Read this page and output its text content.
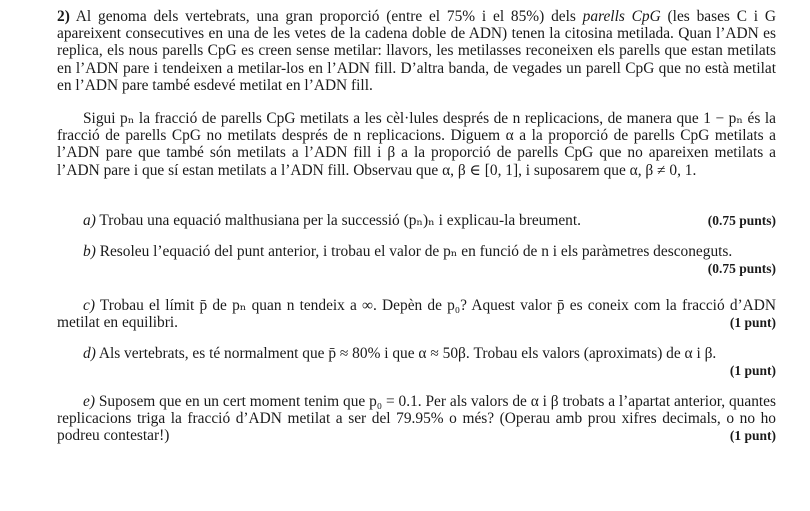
2) Al genoma dels vertebrats, una gran proporció (entre el 75% i el 85%) dels parells CpG (les bases C i G apareixent consecutives en una de les vetes de la cadena doble de ADN) tenen la citosina metilada. Quan l’ADN es replica, els nous parells CpG es creen sense metilar: llavors, les metilasses reconeixen els parells que estan metilats en l’ADN pare i tendeixen a metilar-los en l’ADN fill. D’altra banda, de vegades un parell CpG que no està metilat en l’ADN pare també esdevé metilat en l’ADN fill.

Sigui pₙ la fracció de parells CpG metilats a les cèl·lules després de n replicacions, de manera que 1 − pₙ és la fracció de parells CpG no metilats després de n replicacions. Diguem α a la proporció de parells CpG metilats a l’ADN pare que també són metilats a l’ADN fill i β a la proporció de parells CpG que no apareixen metilats a l’ADN pare i que sí estan metilats a l’ADN fill. Observau que α, β ∈ [0, 1], i suposarem que α, β ≠ 0, 1.

a) Trobau una equació malthusiana per la successió (pₙ)ₙ i explicau-la breument.	(0.75 punts)

b) Resoleu l’equació del punt anterior, i trobau el valor de pₙ en funció de n i els paràmetres desconeguts.
(0.75 punts)

c) Trobau el límit p̄ de pₙ quan n tendeix a ∞. Depèn de p₀? Aquest valor p̄ es coneix com la fracció d’ADN metilat en equilibri.	(1 punt)

d) Als vertebrats, es té normalment que p̄ ≈ 80% i que α ≈ 50β. Trobau els valors (aproximats) de α i β.
(1 punt)

e) Suposem que en un cert moment tenim que p₀ = 0.1. Per als valors de α i β trobats a l’apartat anterior, quantes replicacions triga la fracció d’ADN metilat a ser del 79.95% o més? (Operau amb prou xifres decimals, o no ho podreu contestar!)	(1 punt)
